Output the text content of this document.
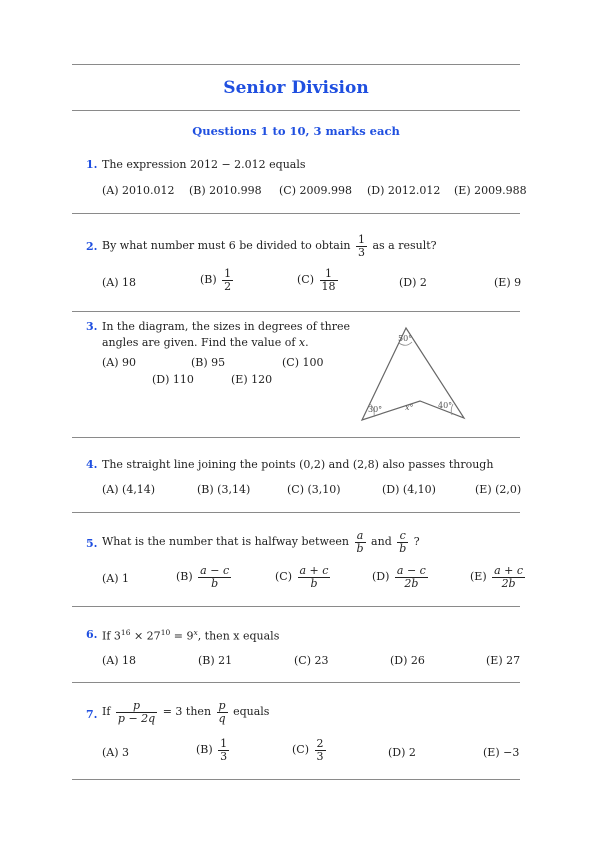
Senior Division
Questions 1 to 10, 3 marks each
1. The expression 2012 − 2.012 equals
(A) 2010.012 (B) 2010.998 (C) 2009.998 (D) 2012.012 (E) 2009.988
2. By what number must 6 be divided to obtain $\frac{1}{3}$ as a result?
(A) 18	$(B) \frac{1}{2}$	$(C) \frac{1}{18}$	(D) 2	(E) 9
3. In the diagram, the sizes in degrees of three
angles are given. Find the value of x.
(A) 90	(B) 95	(C) 100
(D) 110	(E) 120
50°
30°	40°
x°
4. The straight line joining the points (0,2) and (2,8) also passes through
(A) (4,14)	(B) (3,14)	(C) (3,10)	(D) (4,10)	(E) (2,0)
5. What is the number that is halfway between $\frac{a}{b}$ and $\frac{c}{b}$ ?
(A) 1	$(B) \frac{a - c}{b}$	$(C) \frac{a + c}{b}$	$(D) \frac{a - c}{2b}$	$(E) \frac{a + c}{2b}$
6. If $3^{16} \times 27^{10} = 9^x$, then x equals
(A) 18	(B) 21	(C) 23	(D) 26	(E) 27
7. If $\frac{p}{p - 2q} = 3$ then $\frac{p}{q}$ equals
(A) 3	$(B) \frac{1}{3}$	$(C) \frac{2}{3}$	(D) 2	(E) −3
